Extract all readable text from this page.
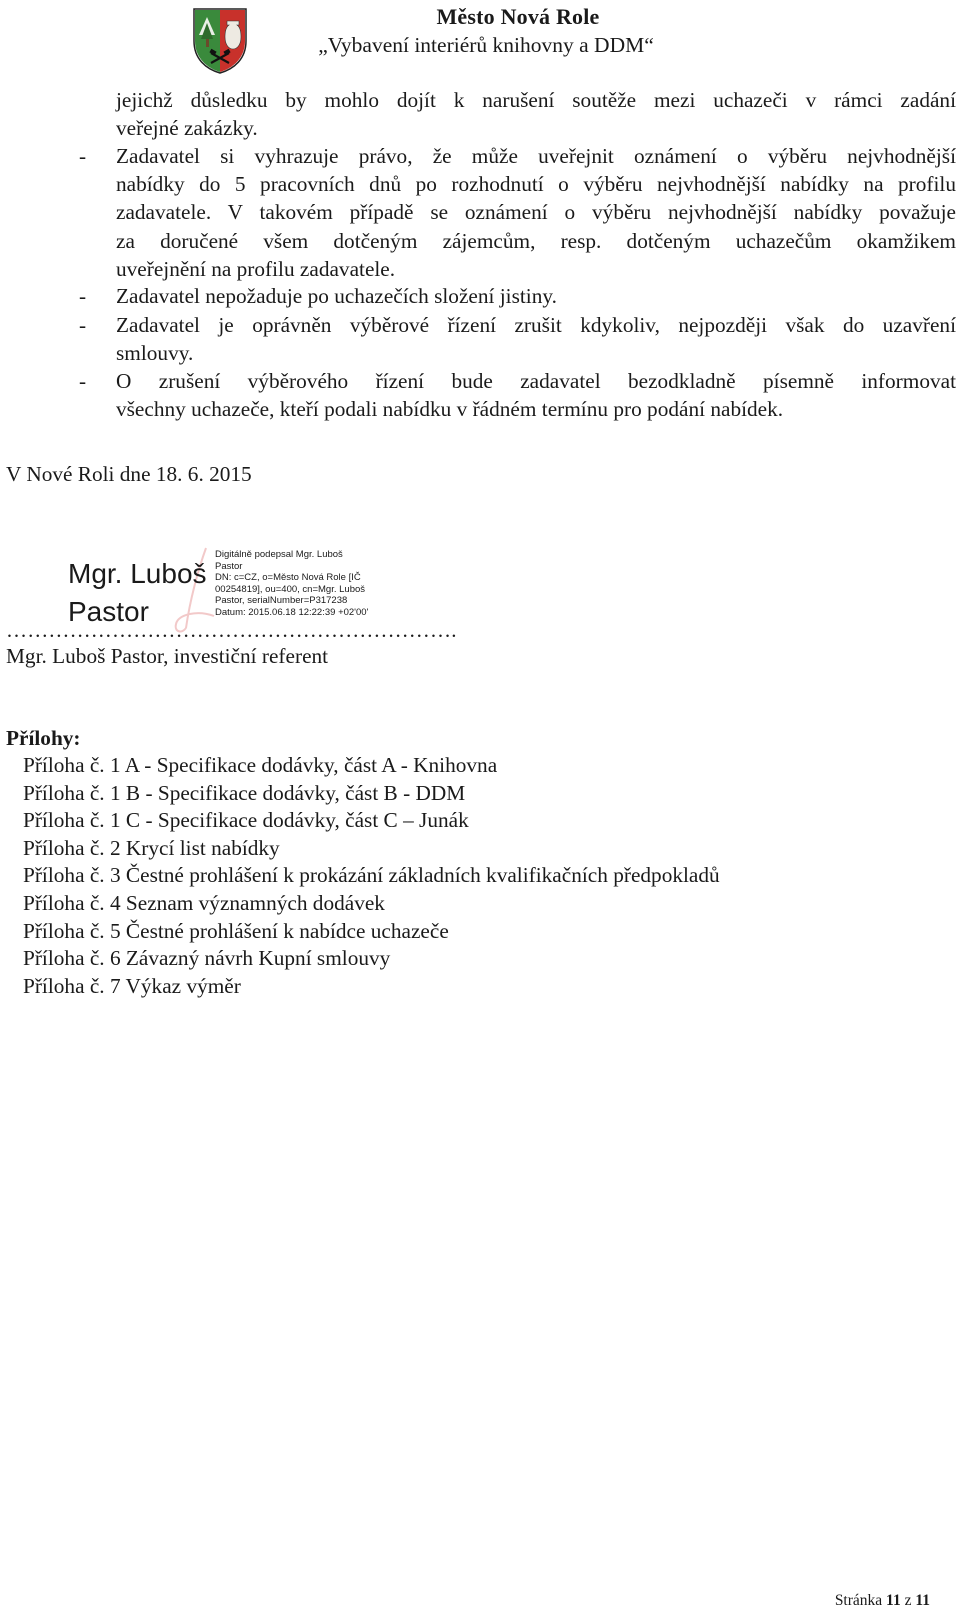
Město Nová Role
„Vybavení interiérů knihovny a DDM“
jejichž důsledku by mohlo dojít k narušení soutěže mezi uchazeči v rámci zadání
veřejné zakázky.
- Zadavatel si vyhrazuje právo, že může uveřejnit oznámení o výběru nejvhodnější
nabídky do 5 pracovních dnů po rozhodnutí o výběru nejvhodnější nabídky na profilu
zadavatele. V takovém případě se oznámení o výběru nejvhodnější nabídky považuje
za doručené všem dotčeným zájemcům, resp. dotčeným uchazečům okamžikem
uveřejnění na profilu zadavatele.
- Zadavatel nepožaduje po uchazečích složení jistiny.
- Zadavatel je oprávněn výběrové řízení zrušit kdykoliv, nejpozději však do uzavření
smlouvy.
- O zrušení výběrového řízení bude zadavatel bezodkladně písemně informovat
všechny uchazeče, kteří podali nabídku v řádném termínu pro podání nabídek.
V Nové Roli dne 18. 6. 2015
Mgr. Luboš
Pastor
Digitálně podepsal Mgr. Luboš
Pastor
DN: c=CZ, o=Město Nová Role [IČ
00254819], ou=400, cn=Mgr. Luboš
Pastor, serialNumber=P317238
Datum: 2015.06.18 12:22:39 +02'00'
……………………………………………………….
Mgr. Luboš Pastor, investiční referent
Přílohy:
Příloha č. 1 A - Specifikace dodávky, část A - Knihovna
Příloha č. 1 B - Specifikace dodávky, část B - DDM
Příloha č. 1 C - Specifikace dodávky, část C – Junák
Příloha č. 2 Krycí list nabídky
Příloha č. 3 Čestné prohlášení k prokázání základních kvalifikačních předpokladů
Příloha č. 4 Seznam významných dodávek
Příloha č. 5 Čestné prohlášení k nabídce uchazeče
Příloha č. 6 Závazný návrh Kupní smlouvy
Příloha č. 7 Výkaz výměr
Stránka 11 z 11
